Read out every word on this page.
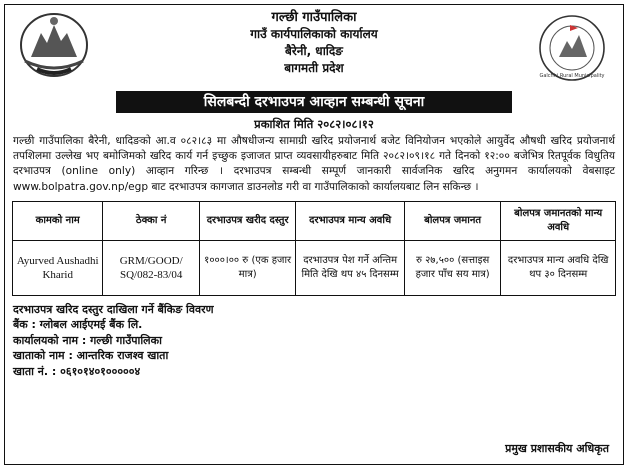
Galchhi Rural Municipality
गल्छी गाउँपालिका
गाउँ कार्यपालिकाको कार्यालय
बैरेनी, धादिङ
बागमती प्रदेश
सिलबन्दी दरभाउपत्र आव्हान सम्बन्धी सूचना
प्रकाशित मिति २०८२।०८।१२
गल्छी गाउँपालिका बैरेनी, धादिङको आ.व ०८२।८३ मा औषधीजन्य सामाग्री खरिद प्रयोजनार्थ बजेट विनियोजन भएकोले आयुर्वेद औषधी खरिद प्रयोजनार्थ तपशिलमा उल्लेख भए बमोजिमको खरिद कार्य गर्न इच्छुक इजाजत प्राप्त व्यवसायीहरुबाट मिति २०८२।०९।१८ गते दिनको १२:०० बजेभित्र रितपूर्वक विधुतिय दरभाउपत्र (online only) आव्हान गरिन्छ । दरभाउपत्र सम्बन्धी सम्पूर्ण जानकारी सार्वजनिक खरिद अनुगमन कार्यालयको वेबसाइट www.bolpatra.gov.np/egp बाट दरभाउपत्र कागजात डाउनलोड गरी वा गाउँपालिकाको कार्यालयबाट लिन सकिन्छ ।
कामको नाम	ठेक्का नं	दरभाउपत्र खरीद दस्तुर	दरभाउपत्र मान्य अवधि	बोलपत्र जमानत	बोलपत्र जमानतको मान्य अवधि
Ayurved Aushadhi Kharid	GRM/GOOD/ SQ/082-83/04	१०००।०० रु (एक हजार मात्र)	दरभाउपत्र पेश गर्ने अन्तिम मिति देखि थप ४५ दिनसम्म	रु २७,५०० (सत्ताइस हजार पाँच सय मात्र)	दरभाउपत्र मान्य अवधि देखि थप ३० दिनसम्म
दरभाउपत्र खरिद दस्तुर दाखिला गर्ने बैंकिङ विवरण
बैंक : ग्लोबल आईएमई बैंक लि.
कार्यालयको नाम : गल्छी गाउँपालिका
खाताको नाम : आन्तरिक राजश्व खाता
खाता नं. : ०६१०१४०१०००००४
प्रमुख प्रशासकीय अधिकृत
